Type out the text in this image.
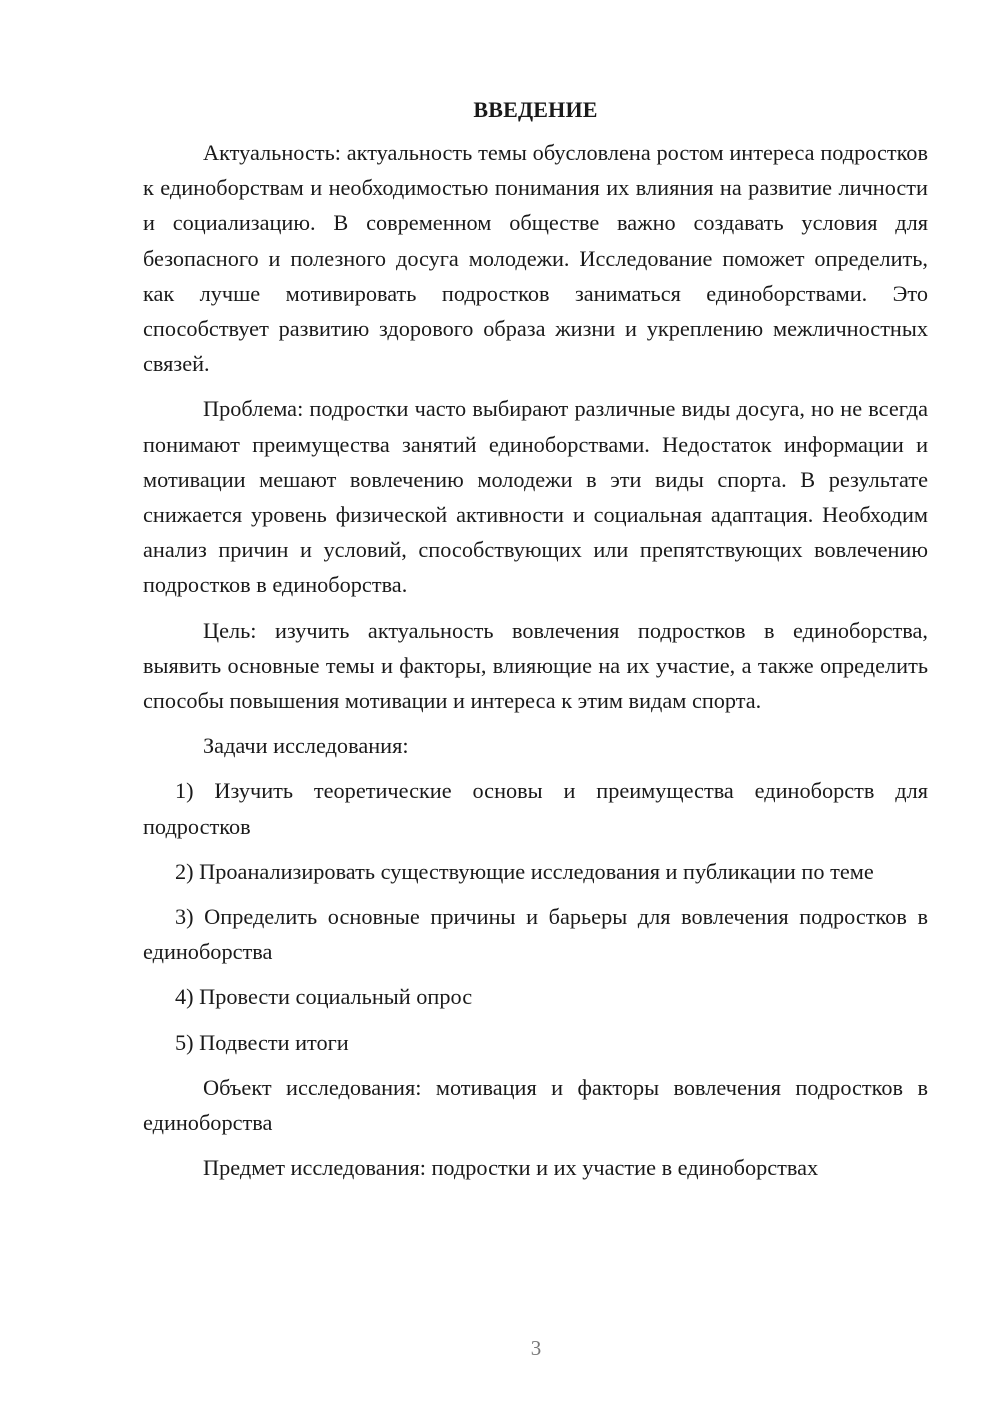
ВВЕДЕНИЕ

Актуальность: актуальность темы обусловлена ростом интереса подростков к единоборствам и необходимостью понимания их влияния на развитие личности и социализацию. В современном обществе важно создавать условия для безопасного и полезного досуга молодежи. Исследование поможет определить, как лучше мотивировать подростков заниматься единоборствами. Это способствует развитию здорового образа жизни и укреплению межличностных связей.

Проблема: подростки часто выбирают различные виды досуга, но не всегда понимают преимущества занятий единоборствами. Недостаток информации и мотивации мешают вовлечению молодежи в эти виды спорта. В результате снижается уровень физической активности и социальная адаптация. Необходим анализ причин и условий, способствующих или препятствующих вовлечению подростков в единоборства.

Цель: изучить актуальность вовлечения подростков в единоборства, выявить основные темы и факторы, влияющие на их участие, а также определить способы повышения мотивации и интереса к этим видам спорта.

Задачи исследования:

1) Изучить теоретические основы и преимущества единоборств для подростков

2) Проанализировать существующие исследования и публикации по теме

3) Определить основные причины и барьеры для вовлечения подростков в единоборства

4) Провести социальный опрос

5) Подвести итоги

Объект исследования: мотивация и факторы вовлечения подростков в единоборства

Предмет исследования: подростки и их участие в единоборствах

3
